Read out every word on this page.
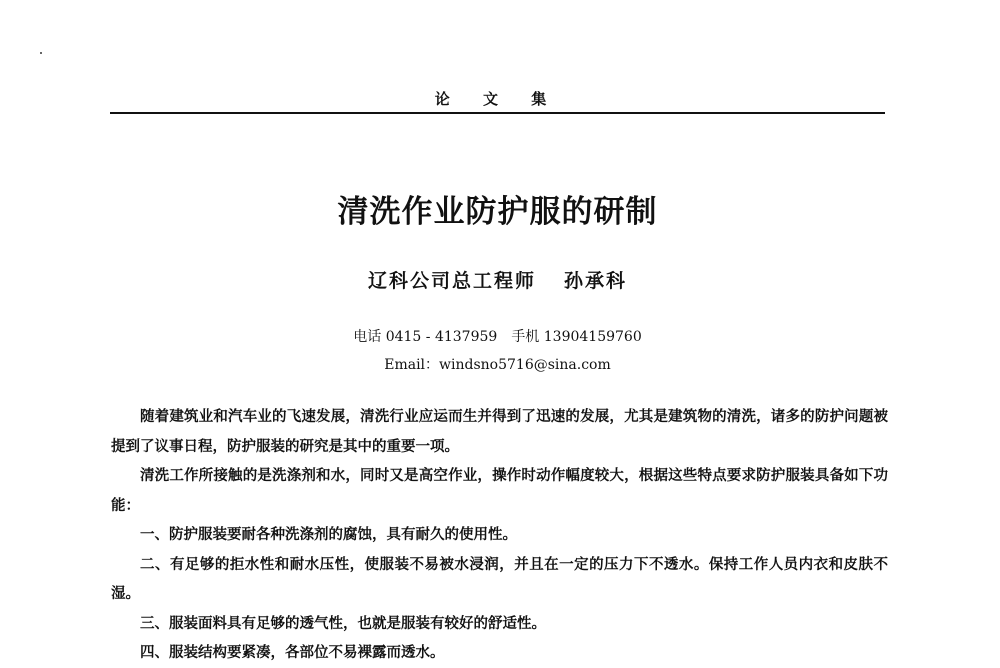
论 文 集
清洗作业防护服的研制
辽科公司总工程师 孙承科
电话 0415 - 4137959 手机 13904159760
Email：windsno5716@sina.com

随着建筑业和汽车业的飞速发展，清洗行业应运而生并得到了迅速的发展，尤其是建筑物的清洗，诸多的防护问题被提到了议事日程，防护服装的研究是其中的重要一项。

清洗工作所接触的是洗涤剂和水，同时又是高空作业，操作时动作幅度较大，根据这些特点要求防护服装具备如下功能：

一、防护服装要耐各种洗涤剂的腐蚀，具有耐久的使用性。

二、有足够的拒水性和耐水压性，使服装不易被水浸润，并且在一定的压力下不透水。保持工作人员内衣和皮肤不湿。

三、服装面料具有足够的透气性，也就是服装有较好的舒适性。

四、服装结构要紧凑，各部位不易裸露而透水。
